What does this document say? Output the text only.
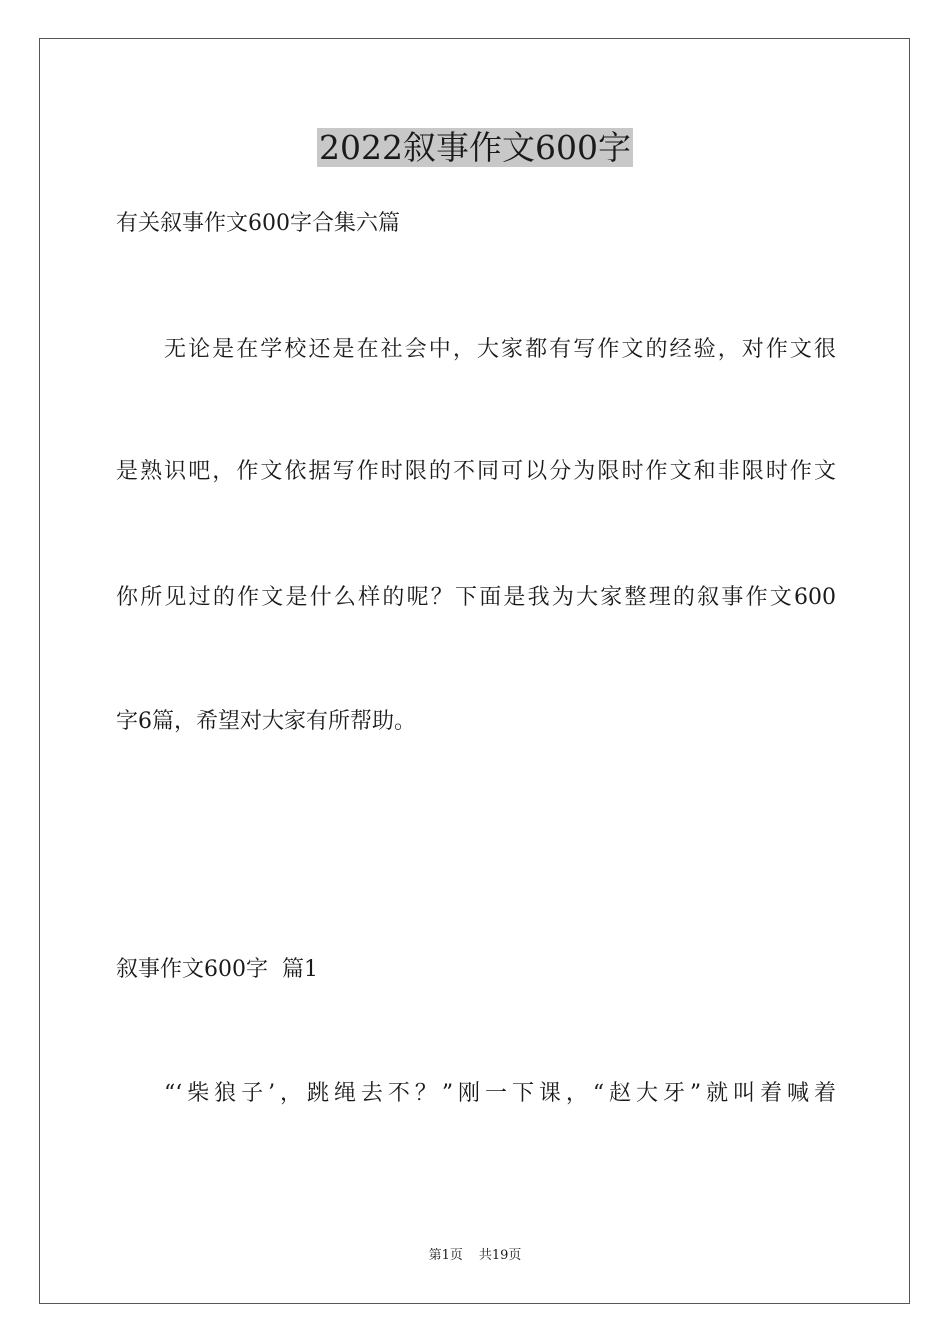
2022叙事作文600字

有关叙事作文600字合集六篇

无论是在学校还是在社会中，大家都有写作文的经验，对作文很

是熟识吧，作文依据写作时限的不同可以分为限时作文和非限时作文

你所见过的作文是什么样的呢？下面是我为大家整理的叙事作文600

字6篇，希望对大家有所帮助。

叙事作文600字  篇1

“‘柴狼子’，跳绳去不？”刚一下课，“赵大牙”就叫着喊着

第1页 共19页
